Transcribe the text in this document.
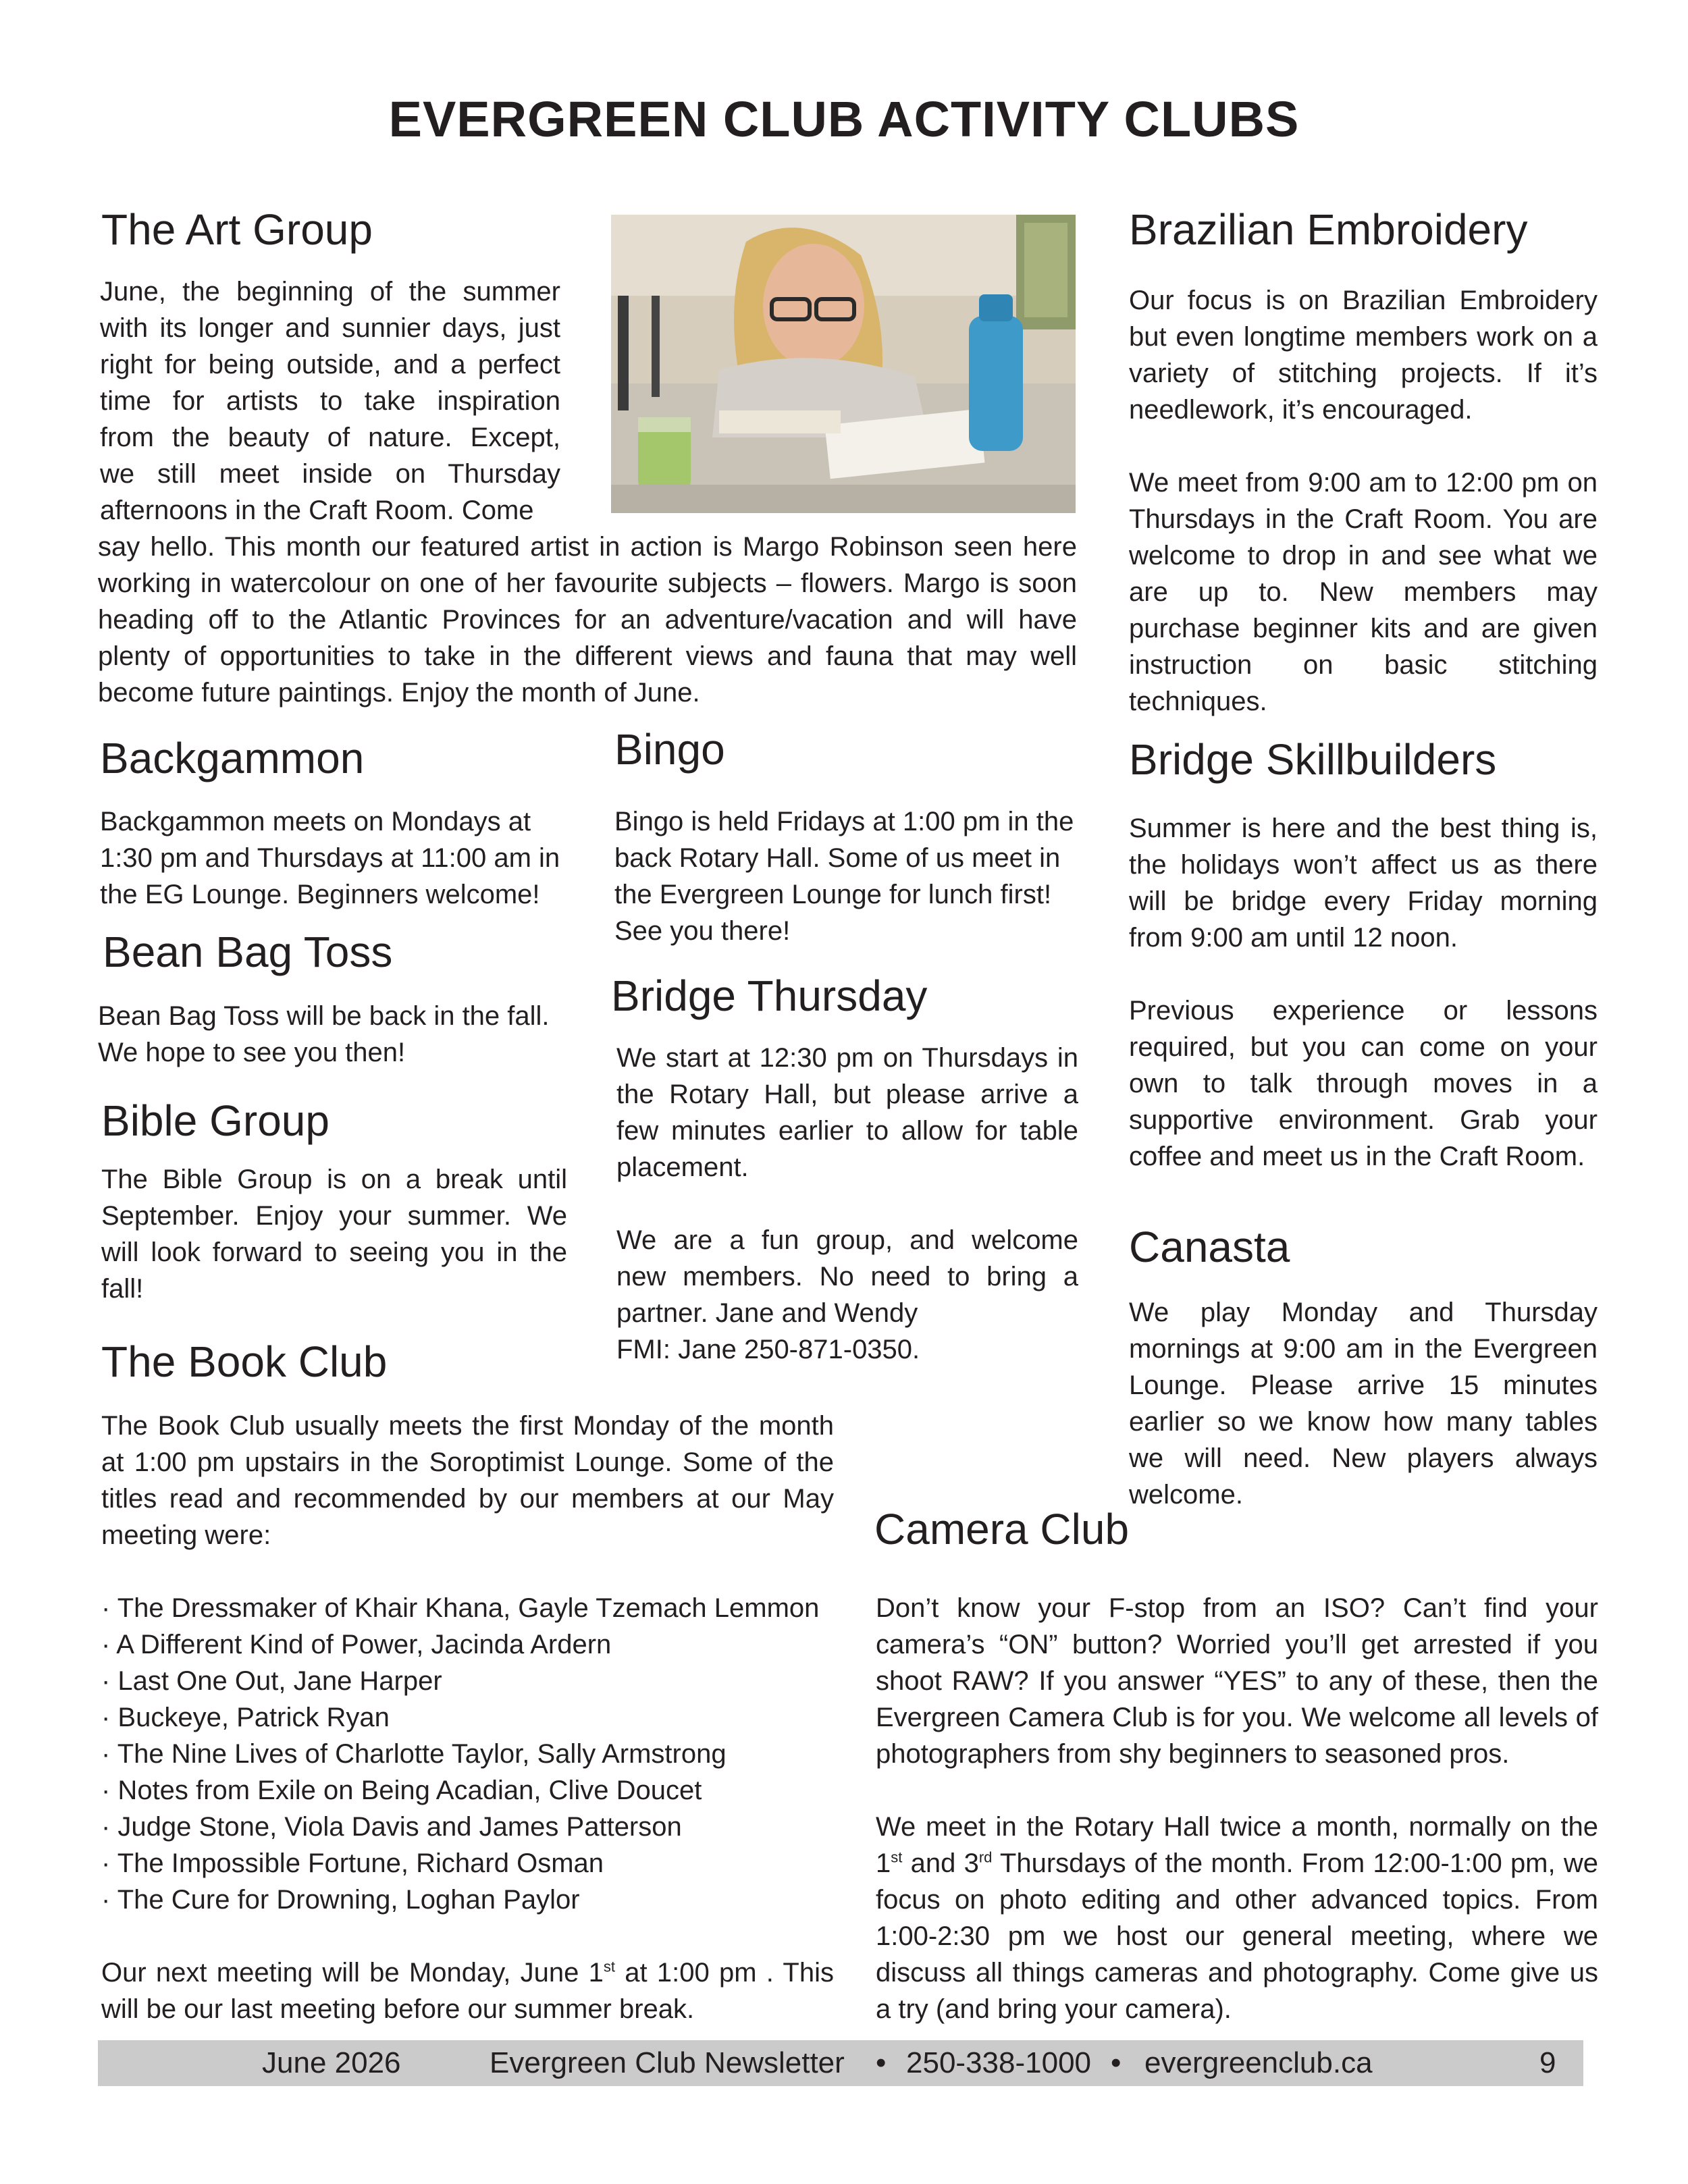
EVERGREEN CLUB ACTIVITY CLUBS
The Art Group
June, the beginning of the summer
with its longer and sunnier days, just
right for being outside, and a perfect
time for artists to take inspiration
from the beauty of nature. Except,
we still meet inside on Thursday
afternoons in the Craft Room. Come
say hello. This month our featured artist in action is Margo Robinson seen here working in watercolour on one of her favourite subjects – flowers. Margo is soon heading off to the Atlantic Provinces for an adventure/vacation and will have plenty of opportunities to take in the different views and fauna that may well become future paintings. Enjoy the month of June.
Brazilian Embroidery
Our focus is on Brazilian Embroidery but even longtime members work on a variety of stitching projects. If it’s needlework, it’s encouraged.
We meet from 9:00 am to 12:00 pm on Thursdays in the Craft Room. You are welcome to drop in and see what we are up to. New members may purchase beginner kits and are given instruction on basic stitching techniques.
Backgammon
Backgammon meets on Mondays at
1:30 pm and Thursdays at 11:00 am in
the EG Lounge. Beginners welcome!
Bingo
Bingo is held Fridays at 1:00 pm in the
back Rotary Hall. Some of us meet in
the Evergreen Lounge for lunch first!
See you there!
Bridge Skillbuilders
Summer is here and the best thing is, the holidays won’t affect us as there will be bridge every Friday morning from 9:00 am until 12 noon.
Previous experience or lessons required, but you can come on your own to talk through moves in a supportive environment. Grab your coffee and meet us in the Craft Room.
Bean Bag Toss
Bean Bag Toss will be back in the fall.
We hope to see you then!
Bridge Thursday
We start at 12:30 pm on Thursdays in the Rotary Hall, but please arrive a few minutes earlier to allow for table placement.
We are a fun group, and welcome new members. No need to bring a partner. Jane and Wendy
FMI: Jane 250-871-0350.
Bible Group
The Bible Group is on a break until September. Enjoy your summer. We will look forward to seeing you in the fall!
Canasta
We play Monday and Thursday mornings at 9:00 am in the Evergreen Lounge. Please arrive 15 minutes earlier so we know how many tables we will need. New players always welcome.
The Book Club
The Book Club usually meets the first Monday of the month at 1:00 pm upstairs in the Soroptimist Lounge. Some of the titles read and recommended by our members at our May meeting were:
· The Dressmaker of Khair Khana, Gayle Tzemach Lemmon
· A Different Kind of Power, Jacinda Ardern
· Last One Out, Jane Harper
· Buckeye, Patrick Ryan
· The Nine Lives of Charlotte Taylor, Sally Armstrong
· Notes from Exile on Being Acadian, Clive Doucet
· Judge Stone, Viola Davis and James Patterson
· The Impossible Fortune, Richard Osman
· The Cure for Drowning, Loghan Paylor
Our next meeting will be Monday, June 1st at 1:00 pm . This will be our last meeting before our summer break.
Camera Club
Don’t know your F-stop from an ISO? Can’t find your camera’s “ON” button? Worried you’ll get arrested if you shoot RAW? If you answer “YES” to any of these, then the Evergreen Camera Club is for you. We welcome all levels of photographers from shy beginners to seasoned pros.
We meet in the Rotary Hall twice a month, normally on the 1st and 3rd Thursdays of the month. From 12:00-1:00 pm, we focus on photo editing and other advanced topics. From 1:00-2:30 pm we host our general meeting, where we discuss all things cameras and photography. Come give us a try (and bring your camera).
June 2026	Evergreen Club Newsletter • 250-338-1000 • evergreenclub.ca	9
